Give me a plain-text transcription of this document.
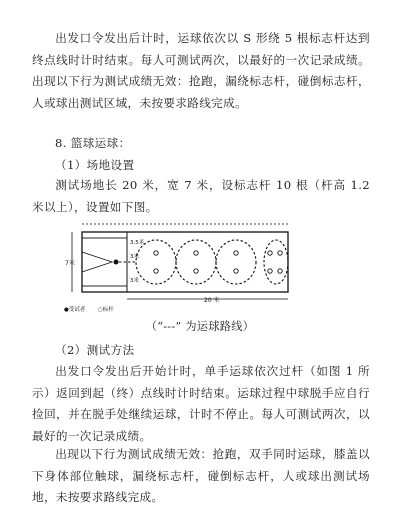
出发口令发出后计时，运球依次以 S 形绕 5 根标志杆达到终点线时计时结束。每人可测试两次，以最好的一次记录成绩。出现以下行为测试成绩无效：抢跑，漏绕标志杆，碰倒标志杆，人或球出测试区域，未按要求路线完成。

8. 篮球运球：

（1）场地设置

测试场地长 20 米，宽 7 米，设标志杆 10 根（杆高 1.2 米以上），设置如下图。

7米
3.5米
3米
3米
20 米
●受试者 ○标杆
（“---” 为运球路线）

（2）测试方法

出发口令发出后开始计时，单手运球依次过杆（如图 1 所示）返回到起（终）点线时计时结束。运球过程中球脱手应自行捡回，并在脱手处继续运球，计时不停止。每人可测试两次，以最好的一次记录成绩。

出现以下行为测试成绩无效：抢跑，双手同时运球，膝盖以下身体部位触球，漏绕标志杆，碰倒标志杆，人或球出测试场地，未按要求路线完成。
